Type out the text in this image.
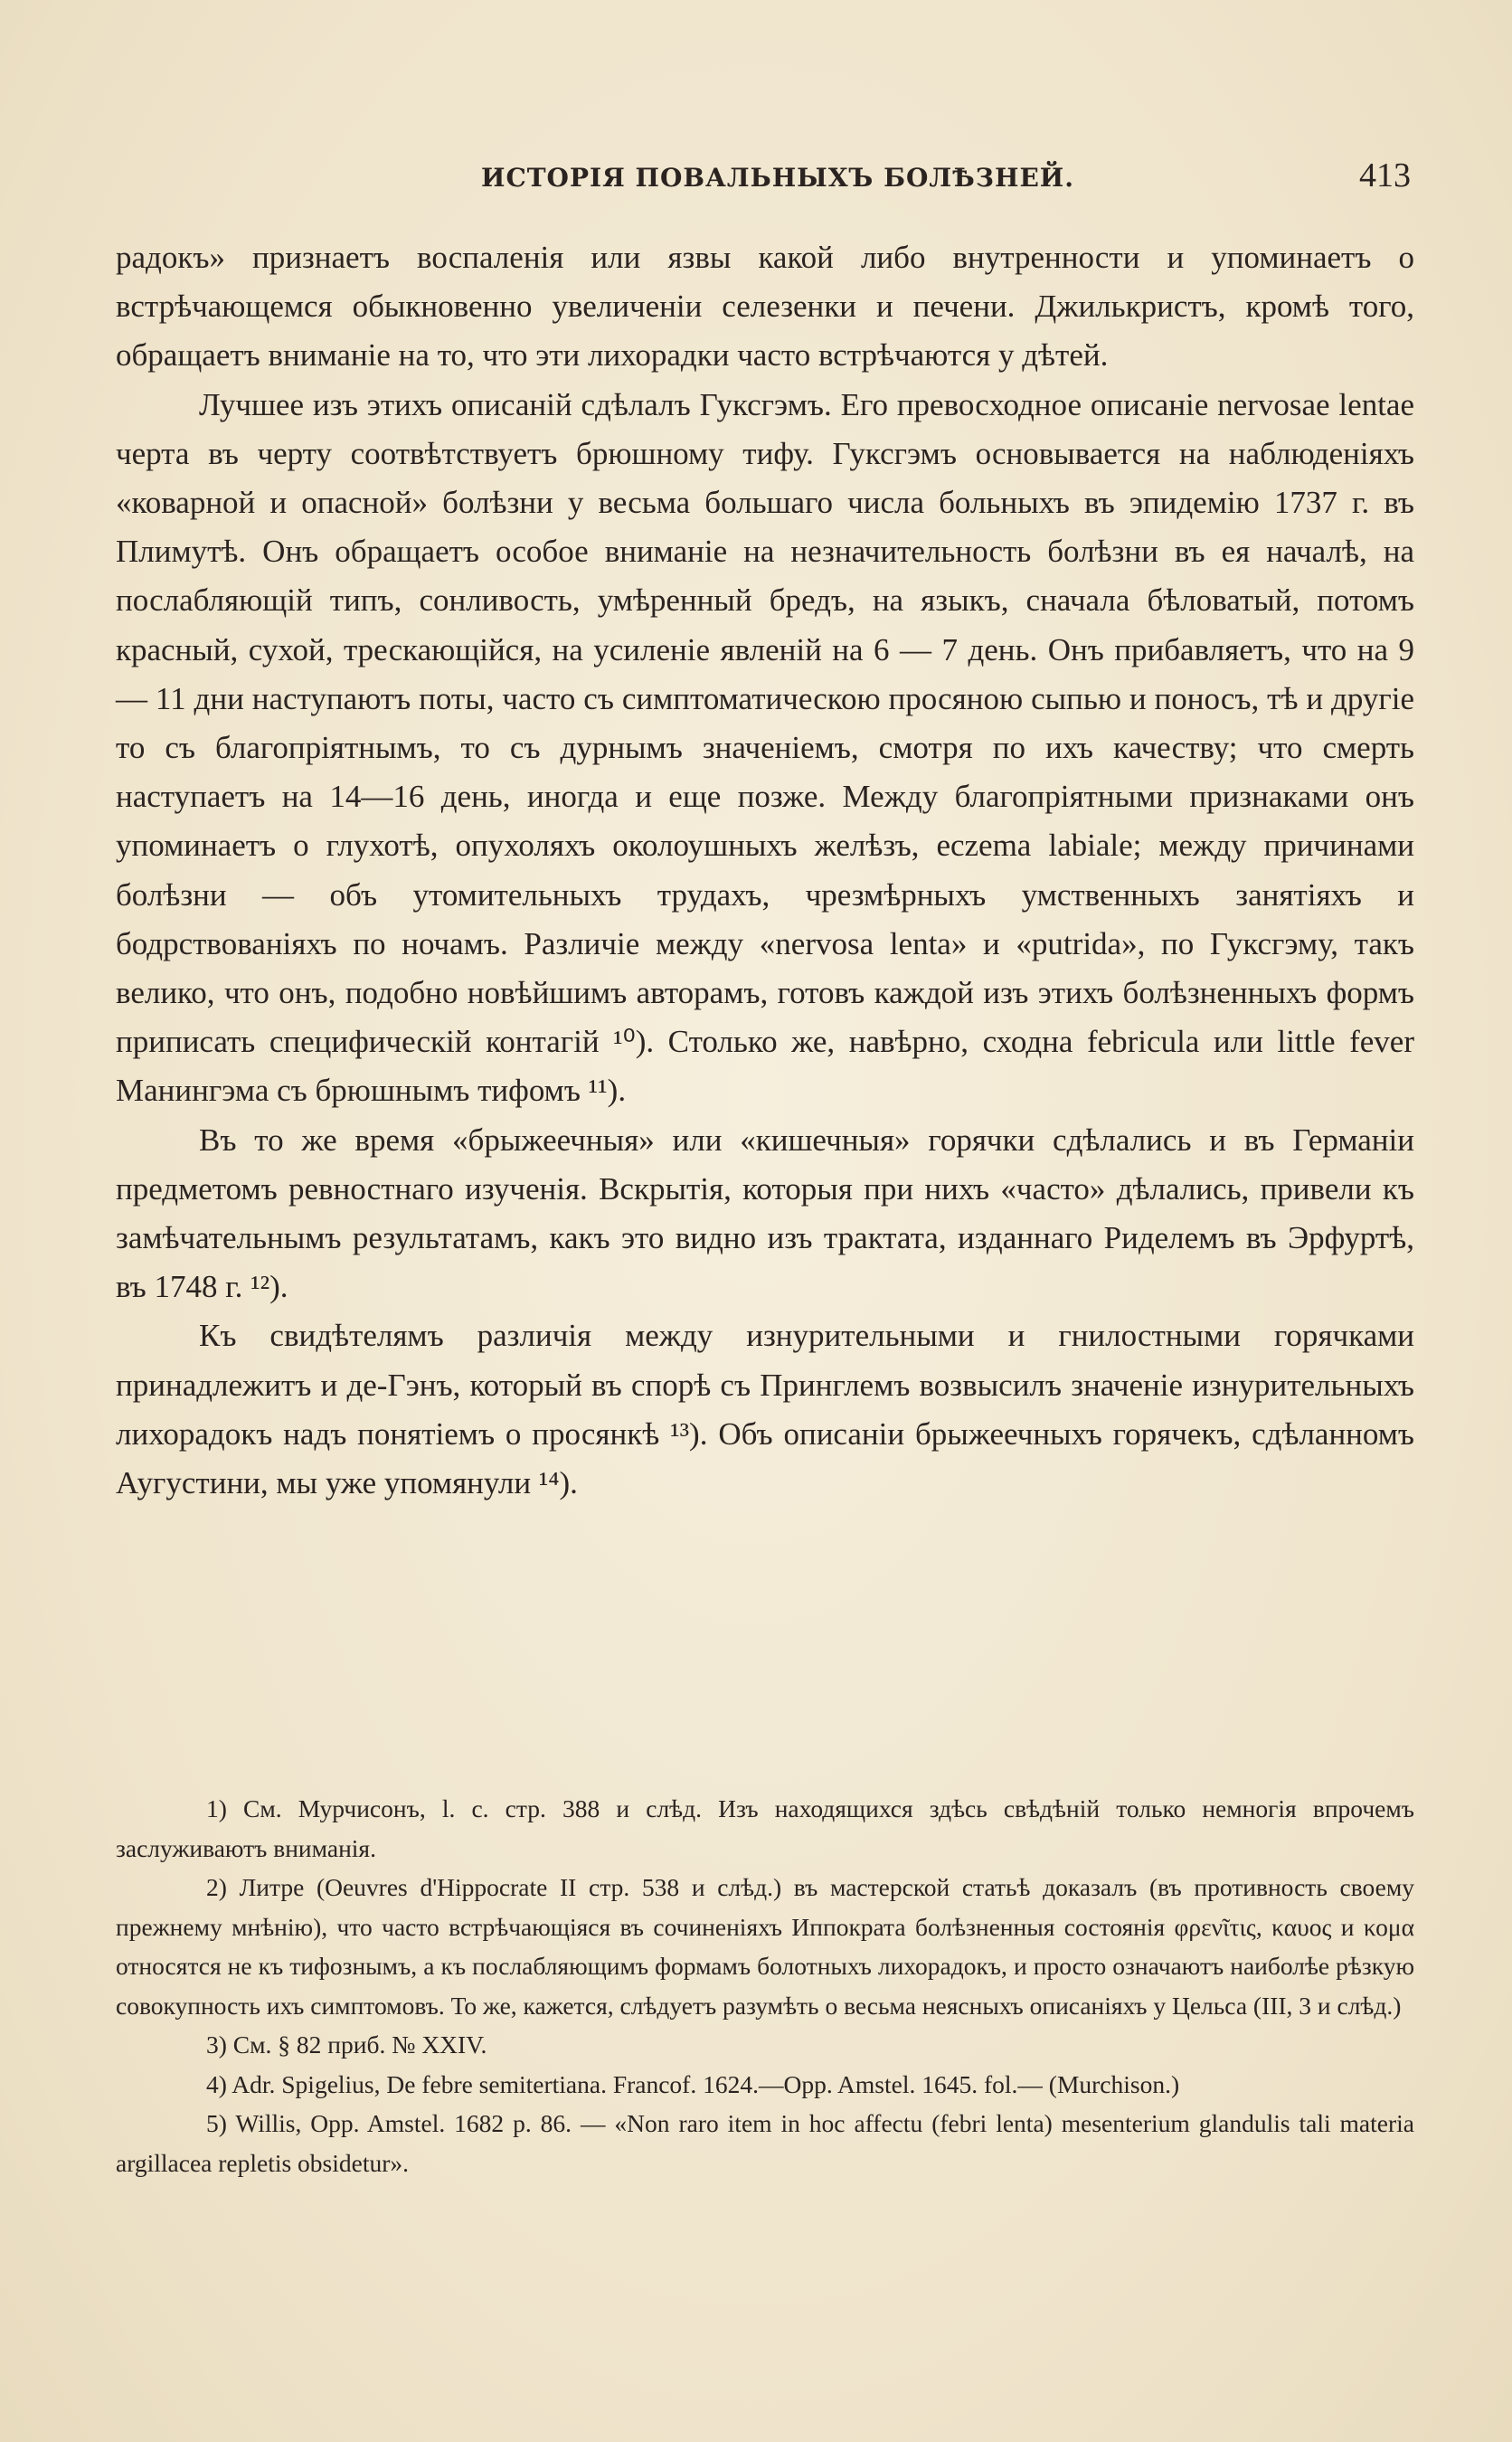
ИСТОРІЯ ПОВАЛЬНЫХЪ БОЛѢЗНЕЙ.	413

радокъ» признаетъ воспаленія или язвы какой либо внутренности и упоминаетъ о встрѣчающемся обыкновенно увеличеніи селезенки и печени. Джилькристъ, кромѣ того, обращаетъ вниманіе на то, что эти лихорадки часто встрѣчаются у дѣтей.

Лучшее изъ этихъ описаній сдѣлалъ Гуксгэмъ. Его превосходное описаніе nervosae lentae черта въ черту соотвѣтствуетъ брюшному тифу. Гуксгэмъ основывается на наблюденіяхъ «коварной и опасной» болѣзни у весьма большаго числа больныхъ въ эпидемію 1737 г. въ Плимутѣ. Онъ обращаетъ особое вниманіе на незначительность болѣзни въ ея началѣ, на послабляющій типъ, сонливость, умѣренный бредъ, на языкъ, сначала бѣловатый, потомъ красный, сухой, трескающійся, на усиленіе явленій на 6 — 7 день. Онъ прибавляетъ, что на 9 — 11 дни наступаютъ поты, часто съ симптоматическою просяною сыпью и поносъ, тѣ и другіе то съ благопріятнымъ, то съ дурнымъ значеніемъ, смотря по ихъ качеству; что смерть наступаетъ на 14—16 день, иногда и еще позже. Между благопріятными признаками онъ упоминаетъ о глухотѣ, опухоляхъ околоушныхъ желѣзъ, eczema labiale; между причинами болѣзни — объ утомительныхъ трудахъ, чрезмѣрныхъ умственныхъ занятіяхъ и бодрствованіяхъ по ночамъ. Различіе между «nervosa lenta» и «putrida», по Гуксгэму, такъ велико, что онъ, подобно новѣйшимъ авторамъ, готовъ каждой изъ этихъ болѣзненныхъ формъ приписать специфическій контагій ¹⁰). Столько же, навѣрно, сходна febricula или little fever Манингэма съ брюшнымъ тифомъ ¹¹).

Въ то же время «брыжеечныя» или «кишечныя» горячки сдѣлались и въ Германіи предметомъ ревностнаго изученія. Вскрытія, которыя при нихъ «часто» дѣлались, привели къ замѣчательнымъ результатамъ, какъ это видно изъ трактата, изданнаго Риделемъ въ Эрфуртѣ, въ 1748 г. ¹²).

Къ свидѣтелямъ различія между изнурительными и гнилостными горячками принадлежитъ и де-Гэнъ, который въ спорѣ съ Принглемъ возвысилъ значеніе изнурительныхъ лихорадокъ надъ понятіемъ о просянкѣ ¹³). Объ описаніи брыжеечныхъ горячекъ, сдѣланномъ Аугустини, мы уже упомянули ¹⁴).

1) См. Мурчисонъ, l. c. стр. 388 и слѣд. Изъ находящихся здѣсь свѣдѣній только немногія впрочемъ заслуживаютъ вниманія.

2) Литре (Oeuvres d'Hippocrate II стр. 538 и слѣд.) въ мастерской статьѣ доказалъ (въ противность своему прежнему мнѣнію), что часто встрѣчающіяся въ сочиненіяхъ Иппократа болѣзненныя состоянія φρενῖτις, καυος и κομα относятся не къ тифознымъ, а къ послабляющимъ формамъ болотныхъ лихорадокъ, и просто означаютъ наиболѣе рѣзкую совокупность ихъ симптомовъ. То же, кажется, слѣдуетъ разумѣть о весьма неясныхъ описаніяхъ у Цельса (III, 3 и слѣд.)

3) См. § 82 приб. № XXIV.

4) Adr. Spigelius, De febre semitertiana. Francof. 1624.—Opp. Amstel. 1645. fol.— (Murchison.)

5) Willis, Opp. Amstel. 1682 p. 86. — «Non raro item in hoc affectu (febri lenta) mesenterium glandulis tali materia argillacea repletis obsidetur».
